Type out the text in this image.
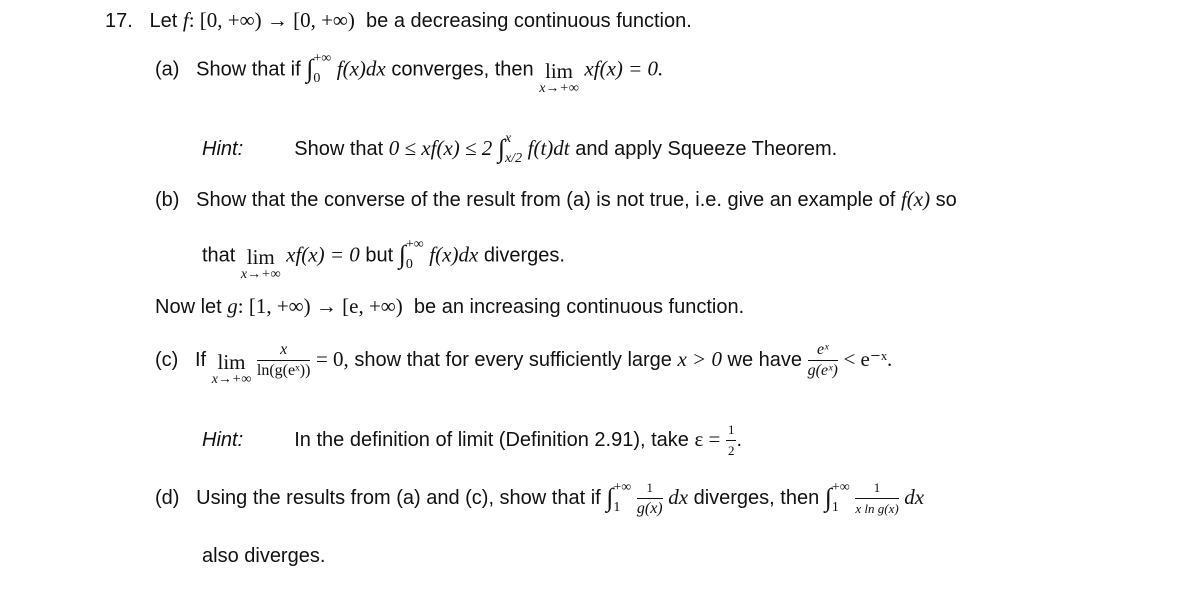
17. Let f: [0, +∞) → [0, +∞) be a decreasing continuous function.
(a) Show that if ∫ +∞
0 f(x)dx converges, then lim
x→+∞
xf(x) = 0.
Hint:	Show that 0 ≤ xf(x) ≤ 2 ∫ x
x/2 f(t)dt and apply Squeeze Theorem.
(b) Show that the converse of the result from (a) is not true, i.e. give an example of f(x) so
that lim
x→+∞
xf(x) = 0 but ∫ +∞
0 f(x)dx diverges.
Now let g: [1, +∞) → [e, +∞) be an increasing continuous function.
(c) If lim
x→+∞
$\frac{x}{\text{ln(g(eˣ))}} = 0$, show that for every sufficiently large x > 0 we have $\frac{\text{eˣ}}{\text{g(eˣ)}}$ < e⁻ˣ.
Hint:	In the definition of limit (Definition 2.91), take $\varepsilon = \frac{1}{2}$ .
(d) Using the results from (a) and (c), show that if ∫ +∞
1
	$\frac{1}{g(x)}$ dx diverges, then ∫ +∞
1
	$\frac{1}{\text{x ln g(x)}}$ dx
also diverges.
